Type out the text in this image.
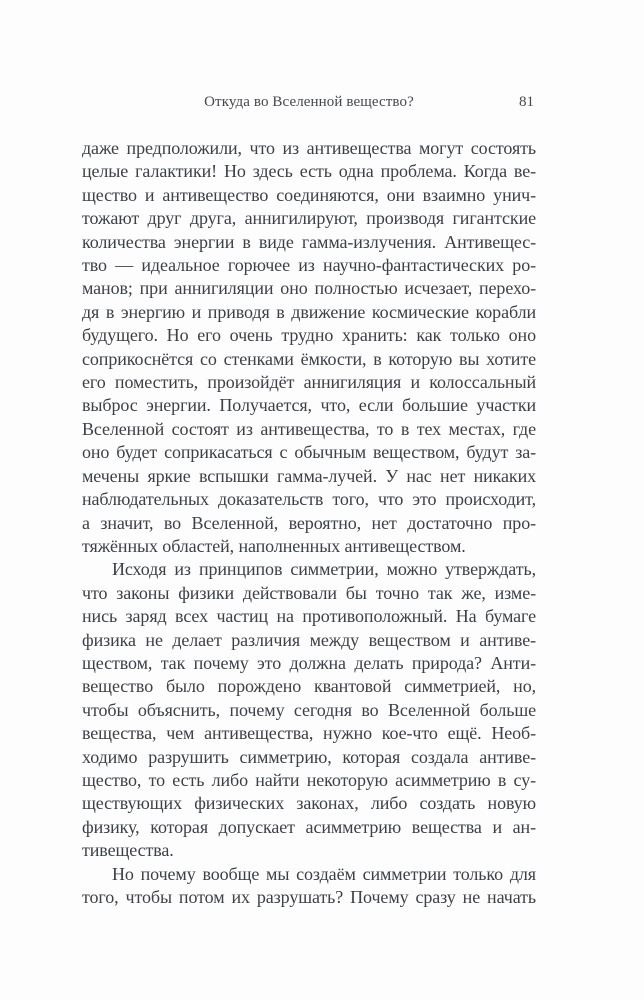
Откуда во Вселенной вещество?	81
даже предположили, что из антивещества могут состоять
целые галактики! Но здесь есть одна проблема. Когда ве-
щество и антивещество соединяются, они взаимно унич-
тожают друг друга, аннигилируют, производя гигантские
количества энергии в виде гамма-излучения. Антивещес-
тво — идеальное горючее из научно-фантастических ро-
манов; при аннигиляции оно полностью исчезает, перехо-
дя в энергию и приводя в движение космические корабли
будущего. Но его очень трудно хранить: как только оно
соприкоснётся со стенками ёмкости, в которую вы хотите
его поместить, произойдёт аннигиляция и колоссальный
выброс энергии. Получается, что, если большие участки
Вселенной состоят из антивещества, то в тех местах, где
оно будет соприкасаться с обычным веществом, будут за-
мечены яркие вспышки гамма-лучей. У нас нет никаких
наблюдательных доказательств того, что это происходит,
а значит, во Вселенной, вероятно, нет достаточно про-
тяжённых областей, наполненных антивеществом.
Исходя из принципов симметрии, можно утверждать,
что законы физики действовали бы точно так же, изме-
нись заряд всех частиц на противоположный. На бумаге
физика не делает различия между веществом и антиве-
ществом, так почему это должна делать природа? Анти-
вещество было порождено квантовой симметрией, но,
чтобы объяснить, почему сегодня во Вселенной больше
вещества, чем антивещества, нужно кое-что ещё. Необ-
ходимо разрушить симметрию, которая создала антиве-
щество, то есть либо найти некоторую асимметрию в су-
ществующих физических законах, либо создать новую
физику, которая допускает асимметрию вещества и ан-
тивещества.
Но почему вообще мы создаём симметрии только для
того, чтобы потом их разрушать? Почему сразу не начать
